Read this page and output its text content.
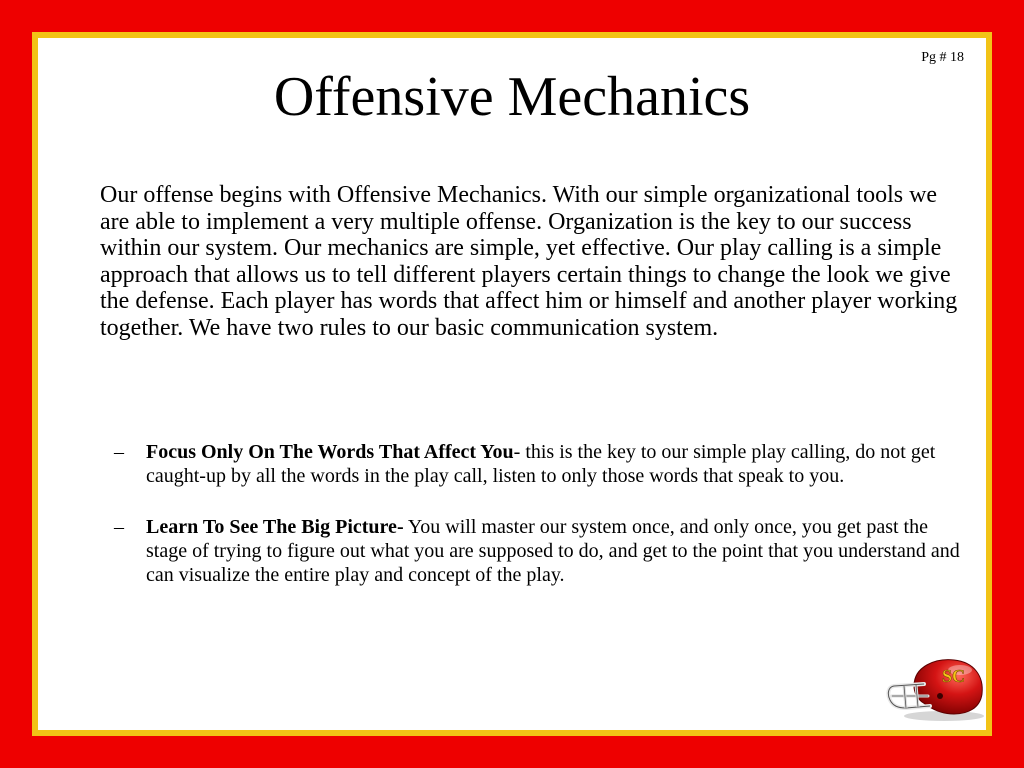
Pg # 18
Offensive Mechanics

Our offense begins with Offensive Mechanics. With our simple organizational tools we are able to implement a very multiple offense. Organization is the key to our success within our system. Our mechanics are simple, yet effective. Our play calling is a simple approach that allows us to tell different players certain things to change the look we give the defense. Each player has words that affect him or himself and another player working together. We have two rules to our basic communication system.

– Focus Only On The Words That Affect You- this is the key to our simple play calling, do not get caught-up by all the words in the play call, listen to only those words that speak to you.
– Learn To See The Big Picture- You will master our system once, and only once, you get past the stage of trying to figure out what you are supposed to do, and get to the point that you understand and can visualize the entire play and concept of the play.
SC
